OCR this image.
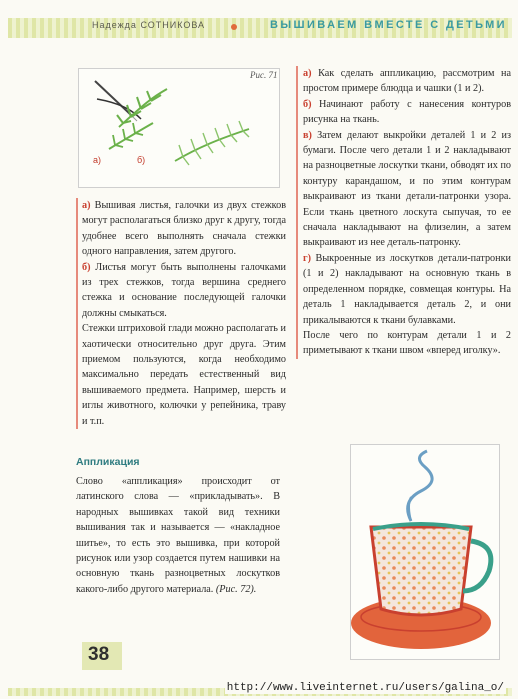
Надежда СОТНИКОВА	ВЫШИВАЕМ ВМЕСТЕ С ДЕТЬМИ
а)	б)
Рис. 71

а) Вышивая листья, галочки из двух стежков могут располагаться близко друг к другу, тогда удобнее всего выполнять сначала стежки одного направления, затем другого.

б) Листья могут быть выполнены галочками из трех стежков, тогда вершина среднего стежка и основание последующей галочки должны смыкаться.

Стежки штриховой глади можно располагать и хаотически относительно друг друга. Этим приемом пользуются, когда необходимо максимально передать естественный вид вышиваемого предмета. Например, шерсть и иглы животного, колючки у репейника, траву и т.п.

Аппликация

Слово «аппликация» происходит от латинского слова — «прикладывать». В народных вышивках такой вид техники вышивания так и называется — «накладное шитье», то есть это вышивка, при которой рисунок или узор создается путем нашивки на основную ткань разноцветных лоскутков какого-либо другого материала. (Рис. 72).

а) Как сделать аппликацию, рассмотрим на простом примере блюдца и чашки (1 и 2).

б) Начинают работу с нанесения контуров рисунка на ткань.

в) Затем делают выкройки деталей 1 и 2 из бумаги. После чего детали 1 и 2 накладывают на разноцветные лоскутки ткани, обводят их по контуру карандашом, и по этим контурам выкраивают из ткани детали-патронки узора. Если ткань цветного лоскута сыпучая, то ее сначала накладывают на флизелин, а затем выкраивают из нее деталь-патронку.

г) Выкроенные из лоскутков детали-патронки (1 и 2) накладывают на основную ткань в определенном порядке, совмещая контуры. На деталь 1 накладывается деталь 2, и они прикалываются к ткани булавками.

После чего по контурам детали 1 и 2 приметывают к ткани швом «вперед иголку».

38
http://www.liveinternet.ru/users/galina_o/
